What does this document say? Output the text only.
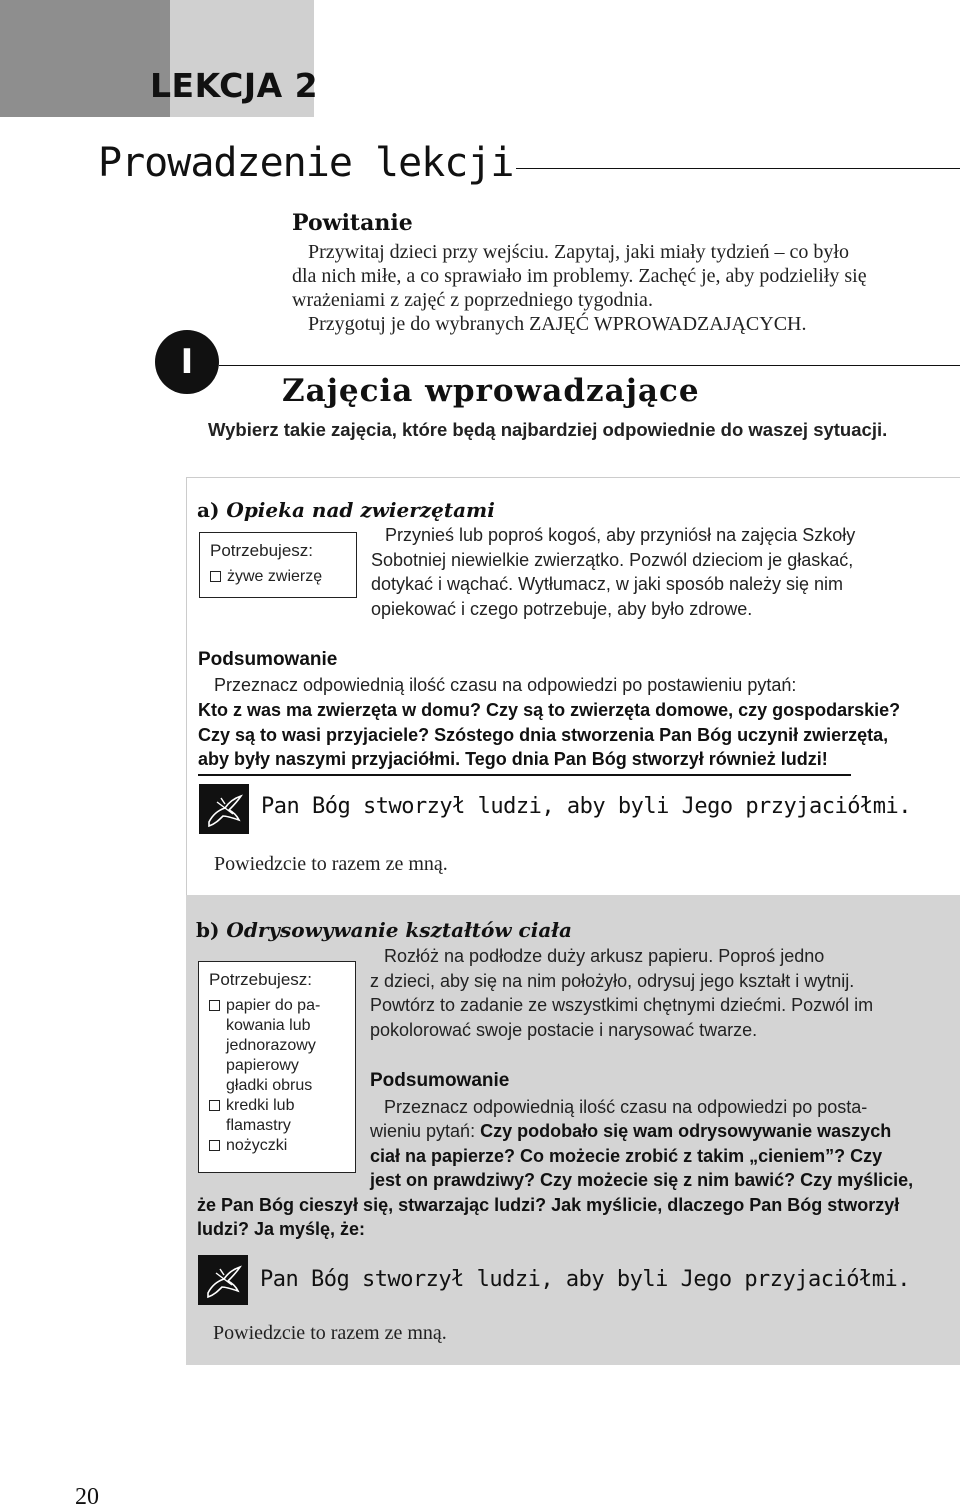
LEKCJA 2
Prowadzenie lekcji
Powitanie

Przywitaj dzieci przy wejściu. Zapytaj, jaki miały tydzień – co było

dla nich miłe, a co sprawiało im problemy. Zachęć je, aby podzieliły się

wrażeniami z zajęć z poprzedniego tygodnia.

Przygotuj je do wybranych ZAJĘĆ WPROWADZAJĄCYCH.

I
Zajęcia wprowadzające
Wybierz takie zajęcia, które będą najbardziej odpowiednie do waszej sytuacji.
a) Opieka nad zwierzętami
Potrzebujesz:
żywe zwierzę
Przynieś lub poproś kogoś, aby przyniósł na zajęcia Szkoły
Sobotniej niewielkie zwierzątko. Pozwól dzieciom je głaskać,
dotykać i wąchać. Wytłumacz, w jaki sposób należy się nim
opiekować i czego potrzebuje, aby było zdrowe.
Podsumowanie
Przeznacz odpowiednią ilość czasu na odpowiedzi po postawieniu pytań:
Kto z was ma zwierzęta w domu? Czy są to zwierzęta domowe, czy gospodarskie?
Czy są to wasi przyjaciele? Szóstego dnia stworzenia Pan Bóg uczynił zwierzęta,
aby były naszymi przyjaciółmi. Tego dnia Pan Bóg stworzył również ludzi!
Pan Bóg stworzył ludzi, aby byli Jego przyjaciółmi.
Powiedzcie to razem ze mną.
b) Odrysowywanie kształtów ciała
Potrzebujesz:
papier do pa-
kowania lub
jednorazowy
papierowy
gładki obrus
kredki lub
flamastry
nożyczki
Rozłóż na podłodze duży arkusz papieru. Poproś jedno
z dzieci, aby się na nim położyło, odrysuj jego kształt i wytnij.
Powtórz to zadanie ze wszystkimi chętnymi dziećmi. Pozwól im
pokolorować swoje postacie i narysować twarze.
Podsumowanie
Przeznacz odpowiednią ilość czasu na odpowiedzi po posta-
wieniu pytań: Czy podobało się wam odrysowywanie waszych
ciał na papierze? Co możecie zrobić z takim „cieniem”? Czy
jest on prawdziwy? Czy możecie się z nim bawić? Czy myślicie,
że Pan Bóg cieszył się, stwarzając ludzi? Jak myślicie, dlaczego Pan Bóg stworzył
ludzi? Ja myślę, że:
Pan Bóg stworzył ludzi, aby byli Jego przyjaciółmi.
Powiedzcie to razem ze mną.
20
